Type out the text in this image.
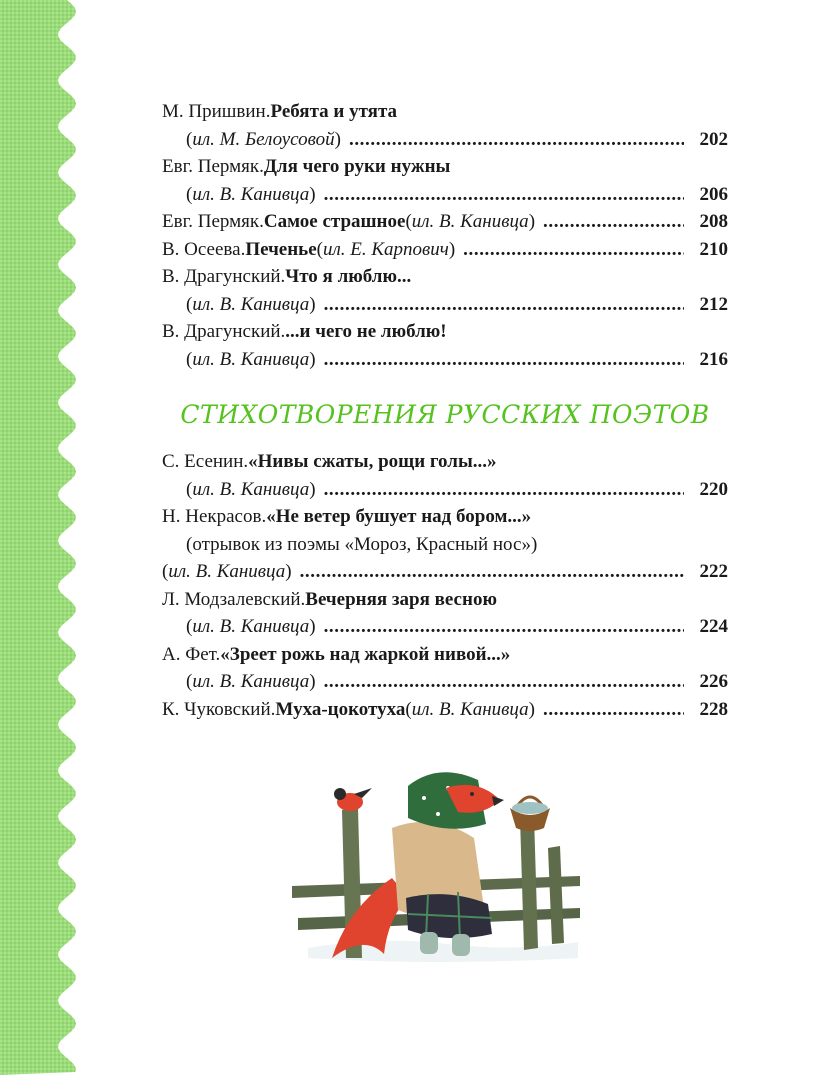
М. Пришвин. Ребята и утята
( ил. М. Белоусовой ) .....	202
Евг. Пермяк. Для чего руки нужны
( ил. В. Канивца ) .....	206
Евг. Пермяк. Самое страшное ( ил. В. Канивца ) .....	208
В. Осеева. Печенье ( ил. Е. Карпович ) .....	210
В. Драгунский. Что я люблю...
( ил. В. Канивца ) .....	212
В. Драгунский. ...и чего не люблю!
( ил. В. Канивца ) .....	216
СТИХОТВОРЕНИЯ РУССКИХ ПОЭТОВ
С. Есенин. «Нивы сжаты, рощи голы...»
( ил. В. Канивца ) .....	220
Н. Некрасов. «Не ветер бушует над бором...»
(отрывок из поэмы «Мороз, Красный нос»)
( ил. В. Канивца ) .....	222
Л. Модзалевский. Вечерняя заря весною
( ил. В. Канивца ) .....	224
А. Фет. «Зреет рожь над жаркой нивой...»
( ил. В. Канивца ) .....	226
К. Чуковский. Муха-цокотуха ( ил. В. Канивца ) .....	228
